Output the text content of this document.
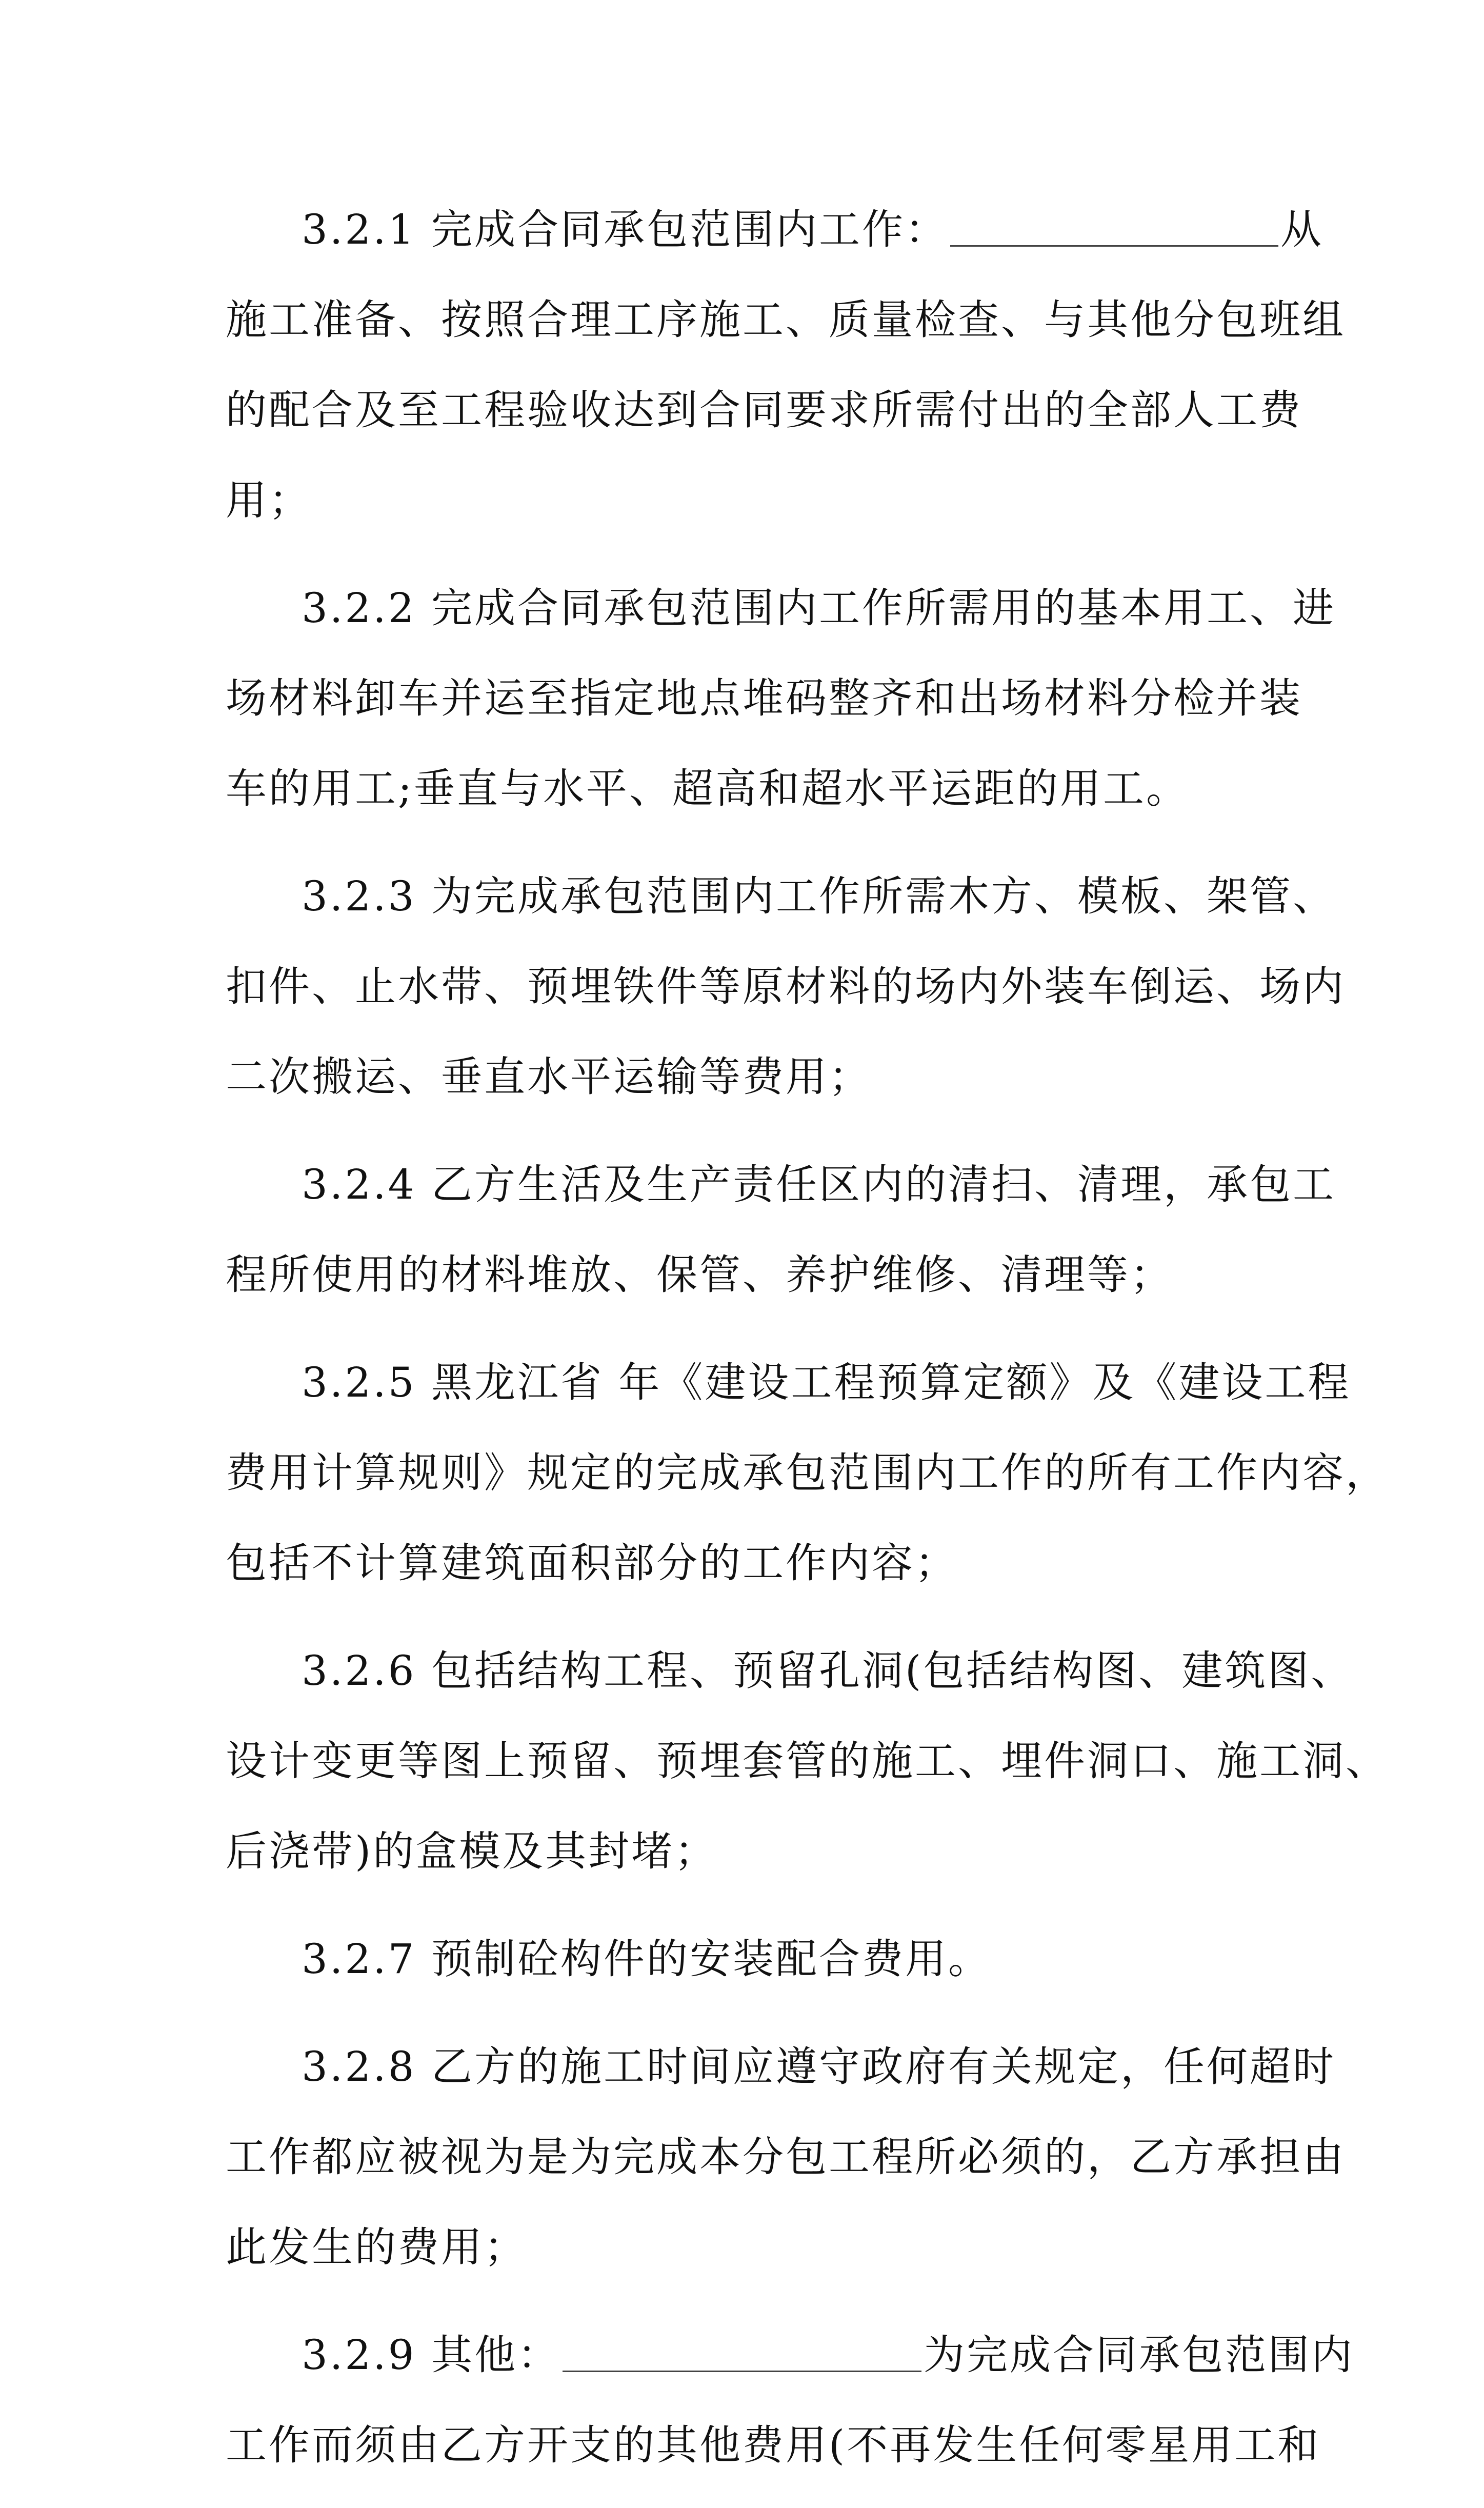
3.2.1 完成合同承包范围内工作：	从
施工准备、按照合理工序施工、质量检查、与其他分包班组
的配合及至工程验收达到合同要求所需付出的全部人工费
用；
3.2.2 完成合同承包范围内工作所需用的基本用工、进
场材料卸车并运至指定地点堆码整齐和出场材料分检并装
车的用工;垂直与水平、超高和超水平运距的用工。
3.2.3 为完成承包范围内工作所需木方、模板、架管、
扣件、止水带、预埋铁件等原材料的场内外装车倒运、场内
二次搬运、垂直水平运输等费用；
3.2.4 乙方生活及生产责任区内的清扫、清理，承包工
程所使用的材料堆放、保管、养护维修、清理等；
3.2.5 黑龙江省 年《建设工程预算定额》及《建设工程
费用计算规则》规定的完成承包范围内工作的所有工作内容，
包括不计算建筑面积部分的工作内容；
3.2.6 包括结构工程、预留孔洞(包括结构图、建筑图、
设计变更等图上预留、预埋套管的施工、埋件洞口、施工洞、
后浇带)的盒模及其封堵；
3.2.7 预制砼构件的安装配合费用。
3.2.8 乙方的施工时间应遵守政府有关规定，任何超时
工作都应被视为是为完成本分包工程所必须的，乙方承担由
此发生的费用；
3.2.9 其他：	为完成合同承包范围内
工作而须由乙方开支的其他费用(不再发生任何零星用工和
